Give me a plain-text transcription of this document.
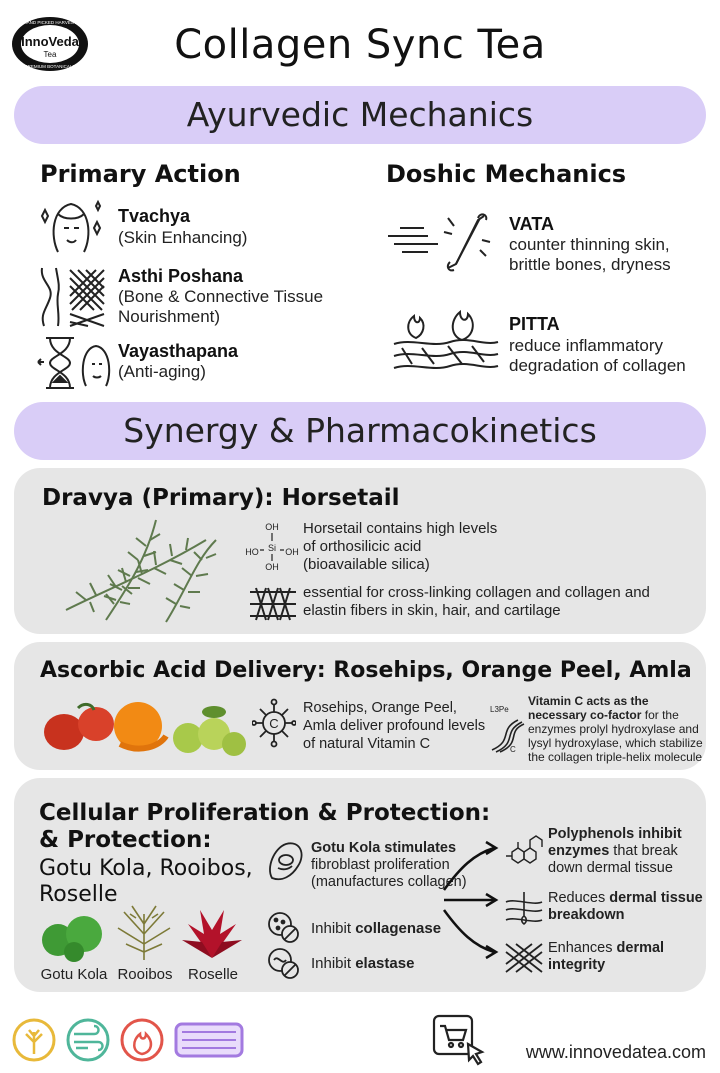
InnoVeda
Tea
HAND PICKED HARVEST
PREMIUM BOTANICALS	Collagen Sync Tea
Ayurvedic Mechanics
Primary Action	Doshic Mechanics
Tvachya
(Skin Enhancing)
Asthi Poshana
(Bone & Connective Tissue Nourishment)
Vayasthapana
(Anti-aging)
VATA
counter thinning skin, brittle bones, dryness
PITTA
reduce inflammatory degradation of collagen
Synergy & Pharmacokinetics
Dravya (Primary): Horsetail
OH
Si
HO	OH
OH
Horsetail contains high levels of orthosilicic acid (bioavailable silica)
essential for cross-linking collagen and collagen and elastin fibers in skin, hair, and cartilage
Ascorbic Acid Delivery: Rosehips, Orange Peel, Amla
C
Rosehips, Orange Peel, Amla deliver profound levels of natural Vitamin C
L3Pe
C
Vitamin C acts as the necessary co-factor for the enzymes prolyl hydroxylase and lysyl hydroxylase, which stabilize the collagen triple-helix molecule
Cellular Proliferation & Protection:
& Protection:
Gotu Kola, Rooibos, Roselle
Gotu Kola Rooibos	Roselle
Gotu Kola stimulates fibroblast proliferation (manufactures collagen)
Inhibit collagenase
Inhibit elastase
Polyphenols inhibit enzymes that break down dermal tissue
Reduces dermal tissue breakdown
Enhances dermal integrity
www.innovedatea.com
